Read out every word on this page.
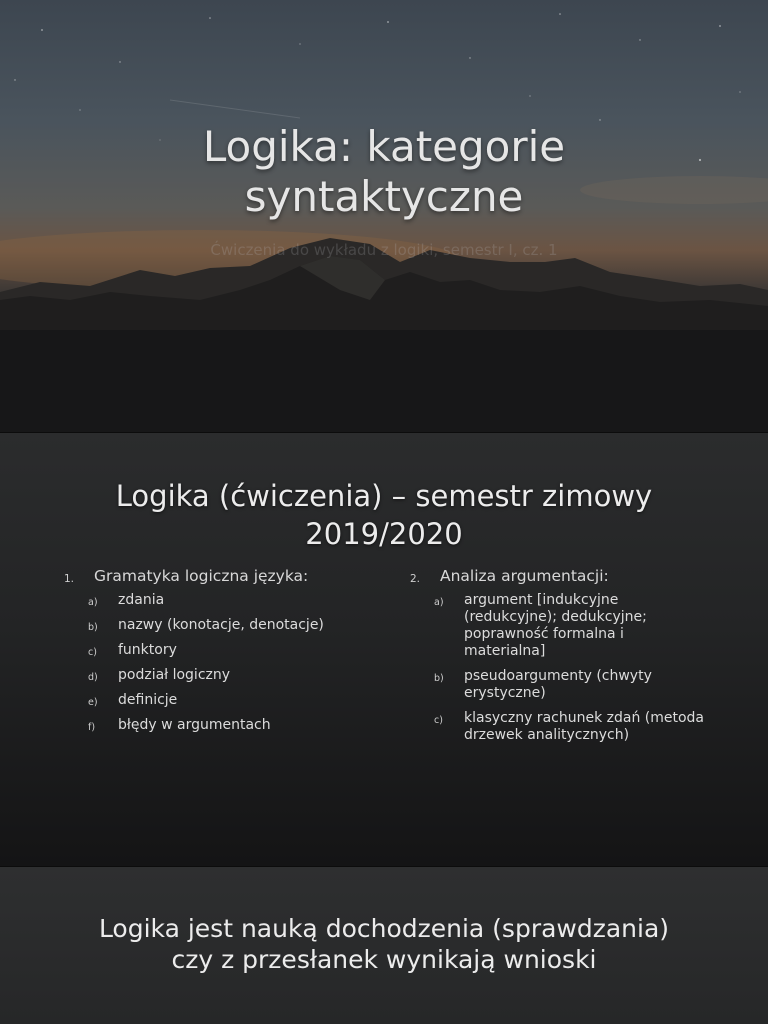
Logika: kategorie
syntaktyczne
Ćwiczenia do wykładu z logiki, semestr I, cz. 1
Logika (ćwiczenia) – semestr zimowy
2019/2020
1. Gramatyka logiczna języka:
a) zdania
b) nazwy (konotacje, denotacje)
c) funktory
d) podział logiczny
e) definicje
f) błędy w argumentach
2. Analiza argumentacji:
a) argument [indukcyjne (redukcyjne); dedukcyjne; poprawność formalna i materialna]
b) pseudoargumenty (chwyty erystyczne)
c) klasyczny rachunek zdań (metoda drzewek analitycznych)
Logika jest nauką dochodzenia (sprawdzania)
czy z przesłanek wynikają wnioski
